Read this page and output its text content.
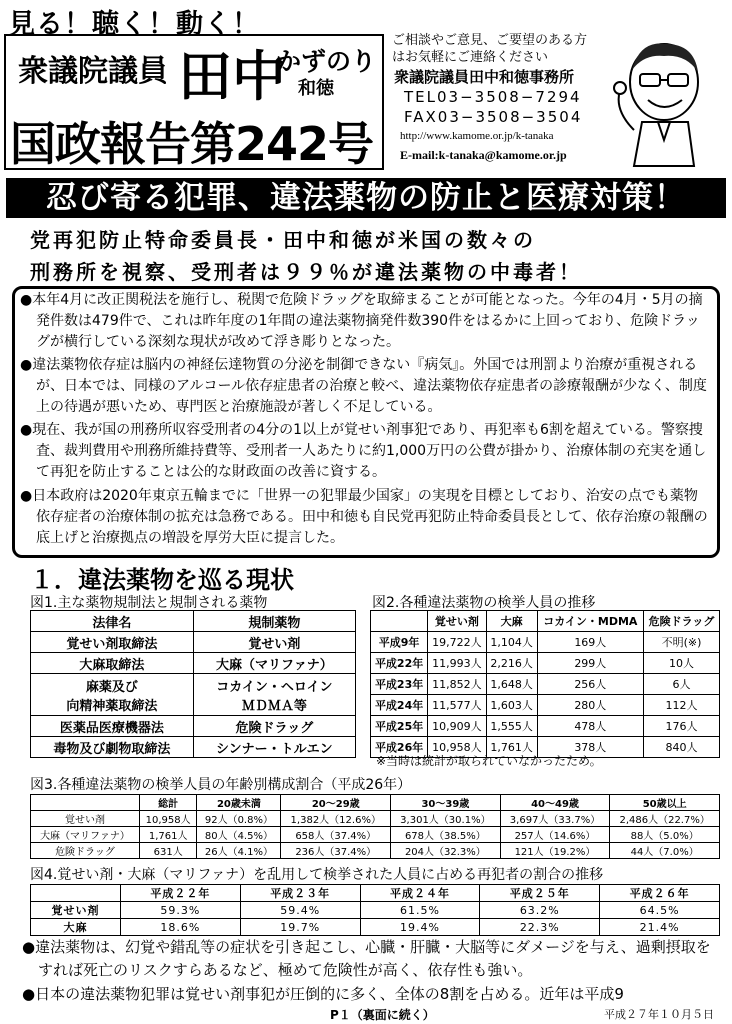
見る！聴く！動く！
衆議院議員 田中
かずのり
和徳
国政報告第242号
ご相談やご意見、ご要望のある方
はお気軽にご連絡ください
衆議院議員田中和徳事務所
TEL03−3508−7294
FAX03−3508−3504
http://www.kamome.or.jp/k-tanaka
E-mail:k-tanaka@kamome.or.jp
忍び寄る犯罪、違法薬物の防止と医療対策！
党再犯防止特命委員長・田中和徳が米国の数々の
刑務所を視察、受刑者は９９％が違法薬物の中毒者！
●本年4月に改正関税法を施行し、税関で危険ドラッグを取締まることが可能となった。今年の4月・5月の摘発件数は479件で、これは昨年度の1年間の違法薬物摘発件数390件をはるかに上回っており、危険ドラッグが横行している深刻な現状が改めて浮き彫りとなった。
●違法薬物依存症は脳内の神経伝達物質の分泌を制御できない『病気』。外国では刑罰より治療が重視されるが、日本では、同様のアルコール依存症患者の治療と較べ、違法薬物依存症患者の診療報酬が少なく、制度上の待遇が悪いため、専門医と治療施設が著しく不足している。
●現在、我が国の刑務所収容受刑者の4分の1以上が覚せい剤事犯であり、再犯率も6割を超えている。警察捜査、裁判費用や刑務所維持費等、受刑者一人あたりに約1,000万円の公費が掛かり、治療体制の充実を通して再犯を防止することは公的な財政面の改善に資する。
●日本政府は2020年東京五輪までに「世界一の犯罪最少国家」の実現を目標としており、治安の点でも薬物依存症者の治療体制の拡充は急務である。田中和徳も自民党再犯防止特命委員長として、依存治療の報酬の底上げと治療拠点の増設を厚労大臣に提言した。
１．違法薬物を巡る現状
図1.主な薬物規制法と規制される薬物
法律名	規制薬物
覚せい剤取締法	覚せい剤
大麻取締法	大麻（マリファナ）
麻薬及び
向精神薬取締法	コカイン・ヘロイン
ＭＤＭＡ等
医薬品医療機器法	危険ドラッグ
毒物及び劇物取締法	シンナー・トルエン
図2.各種違法薬物の検挙人員の推移
	覚せい剤	大麻	コカイン・MDMA	危険ドラッグ
平成9年	19,722人	1,104人	169人	不明(※)
平成22年	11,993人	2,216人	299人	10人
平成23年	11,852人	1,648人	256人	6人
平成24年	11,577人	1,603人	280人	112人
平成25年	10,909人	1,555人	478人	176人
平成26年	10,958人	1,761人	378人	840人
※当時は統計が取られていなかったため。
図3.各種違法薬物の検挙人員の年齢別構成割合（平成26年）
	総計	20歳未満	20～29歳	30～39歳	40～49歳	50歳以上
覚せい剤	10,958人	92人（0.8%）	1,382人（12.6%）	3,301人（30.1%）	3,697人（33.7%）	2,486人（22.7%）
大麻（マリファナ）	1,761人	80人（4.5%）	658人（37.4%）	678人（38.5%）	257人（14.6%）	88人（5.0%）
危険ドラッグ	631人	26人（4.1%）	236人（37.4%）	204人（32.3%）	121人（19.2%）	44人（7.0%）
図4.覚せい剤・大麻（マリファナ）を乱用して検挙された人員に占める再犯者の割合の推移
	平成２２年	平成２３年	平成２４年	平成２５年	平成２６年
覚せい剤	59.3%	59.4%	61.5%	63.2%	64.5%
大麻	18.6%	19.7%	19.4%	22.3%	21.4%
●違法薬物は、幻覚や錯乱等の症状を引き起こし、心臓・肝臓・大脳等にダメージを与え、過剰摂取をすれば死亡のリスクすらあるなど、極めて危険性が高く、依存性も強い。
●日本の違法薬物犯罪は覚せい剤事犯が圧倒的に多く、全体の8割を占める。近年は平成9
P１（裏面に続く）	平成２７年１０月５日
